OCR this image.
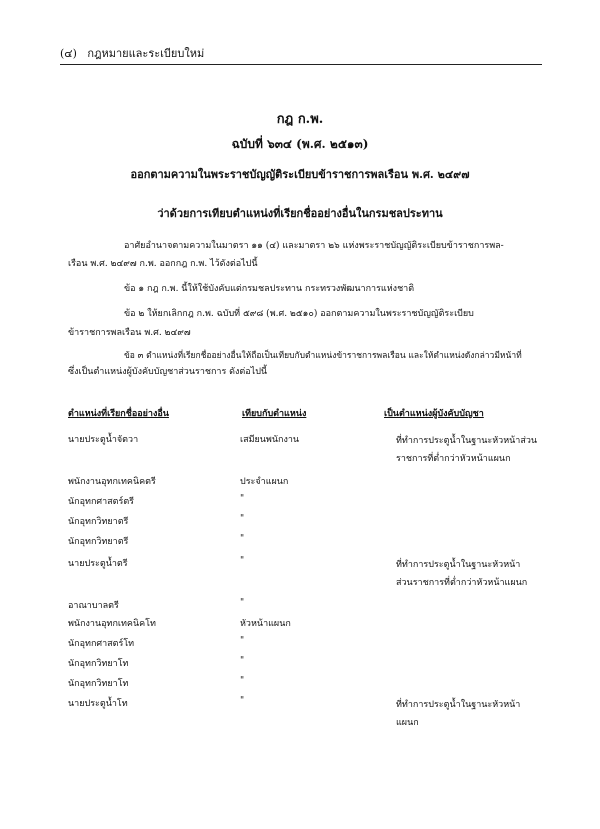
(๔) กฎหมายและระเบียบใหม่
กฎ ก.พ.
ฉบับที่ ๖๓๔ (พ.ศ. ๒๕๑๓)
ออกตามความในพระราชบัญญัติระเบียบข้าราชการพลเรือน พ.ศ. ๒๔๙๗
ว่าด้วยการเทียบตำแหน่งที่เรียกชื่ออย่างอื่นในกรมชลประทาน
อาศัยอำนาจตามความในมาตรา ๑๑ (๔) และมาตรา ๒๖ แห่งพระราชบัญญัติระเบียบข้าราชการพล-
เรือน พ.ศ. ๒๔๙๗ ก.พ. ออกกฎ ก.พ. ไว้ดังต่อไปนี้
ข้อ ๑ กฎ ก.พ. นี้ให้ใช้บังคับแต่กรมชลประทาน กระทรวงพัฒนาการแห่งชาติ
ข้อ ๒ ให้ยกเลิกกฎ ก.พ. ฉบับที่ ๕๙๘ (พ.ศ. ๒๕๑๐) ออกตามความในพระราชบัญญัติระเบียบ
ข้าราชการพลเรือน พ.ศ. ๒๔๙๗
ข้อ ๓ ตำแหน่งที่เรียกชื่ออย่างอื่นให้ถือเป็นเทียบกับตำแหน่งข้าราชการพลเรือน และให้ตำแหน่งดังกล่าวมีหน้าที่
ซึ่งเป็นตำแหน่งผู้บังคับบัญชาส่วนราชการ ดังต่อไปนี้
ตำแหน่งที่เรียกชื่ออย่างอื่น	เทียบกับตำแหน่ง	เป็นตำแหน่งผู้บังคับบัญชา
นายประตูน้ำจัตวา	เสมียนพนักงาน	ที่ทำการประตูน้ำในฐานะหัวหน้าส่วน
ราชการที่ต่ำกว่าหัวหน้าแผนก
พนักงานอุทกเทคนิคตรี	ประจำแผนก
นักอุทกศาสตร์ตรี	"
นักอุทกวิทยาตรี	"
นักอุทกวิทยาตรี	"
นายประตูน้ำตรี	"	ที่ทำการประตูน้ำในฐานะหัวหน้า
ส่วนราชการที่ต่ำกว่าหัวหน้าแผนก
อาณาบาลตรี	"
พนักงานอุทกเทคนิคโท	หัวหน้าแผนก
นักอุทกศาสตร์โท	"
นักอุทกวิทยาโท	"
นักอุทกวิทยาโท	"
นายประตูน้ำโท	"	ที่ทำการประตูน้ำในฐานะหัวหน้า
แผนก
